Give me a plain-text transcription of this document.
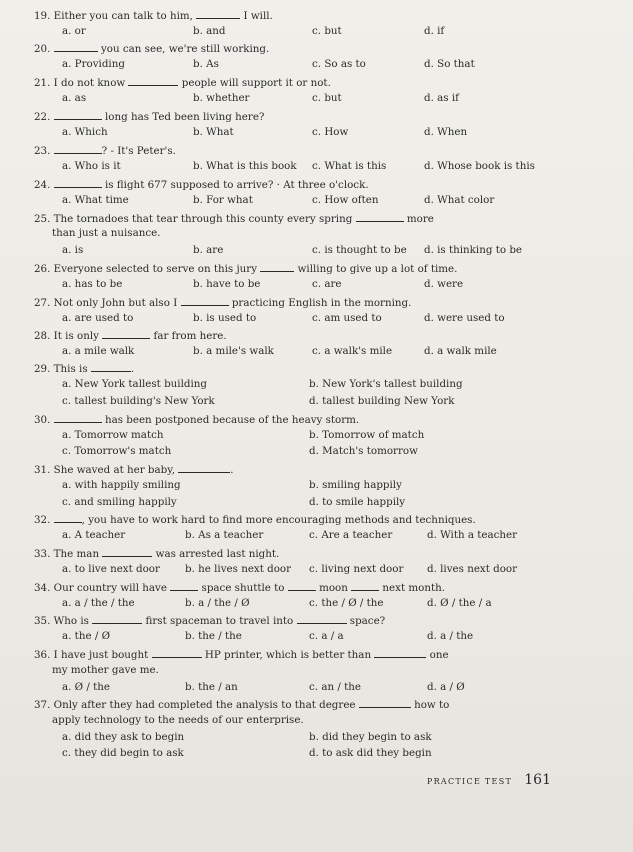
19. Either you can talk to him,	I will.
a. or	b. and	c. but	d. if
20.	you can see, we're still working.
a. Providing	b. As	c. So as to	d. So that
21. I do not know	people will support it or not.
a. as	b. whether	c. but	d. as if
22.	long has Ted been living here?
a. Which	b. What	c. How	d. When
23.	? - It's Peter's.
a. Who is it	b. What is this book c. What is this	d. Whose book is this
24.	is flight 677 supposed to arrive? · At three o'clock.
a. What time	b. For what	c. How often	d. What color
25. The tornadoes that tear through this county every spring	more
than just a nuisance.
a. is	b. are	c. is thought to be d. is thinking to be
26. Everyone selected to serve on this jury	willing to give up a lot of time.
a. has to be	b. have to be	c. are	d. were
27. Not only John but also I	practicing English in the morning.
a. are used to	b. is used to	c. am used to	d. were used to
28. It is only	far from here.
a. a mile walk	b. a mile's walk	c. a walk's mile	d. a walk mile
29. This is	.
a. New York tallest building	b. New York's tallest building
c. tallest building's New York	d. tallest building New York
30.	has been postponed because of the heavy storm.
a. Tomorrow match	b. Tomorrow of match
c. Tomorrow's match	d. Match's tomorrow
31. She waved at her baby,	.
a. with happily smiling	b. smiling happily
c. and smiling happily	d. to smile happily
32.	, you have to work hard to find more encouraging methods and techniques.
a. A teacher	b. As a teacher	c. Are a teacher	d. With a teacher
33. The man	was arrested last night.
a. to live next door b. he lives next door c. living next door d. lives next door
34. Our country will have	space shuttle to	moon	next month.
a. a / the / the	b. a / the / Ø	c. the / Ø / the	d. Ø / the / a
35. Who is	first spaceman to travel into	space?
a. the / Ø	b. the / the	c. a / a	d. a / the
36. I have just bought	HP printer, which is better than	one
my mother gave me.
a. Ø / the	b. the / an	c. an / the	d. a / Ø
37. Only after they had completed the analysis to that degree	how to
apply technology to the needs of our enterprise.
a. did they ask to begin	b. did they begin to ask
c. they did begin to ask	d. to ask did they begin
PRACTICE TEST 161
